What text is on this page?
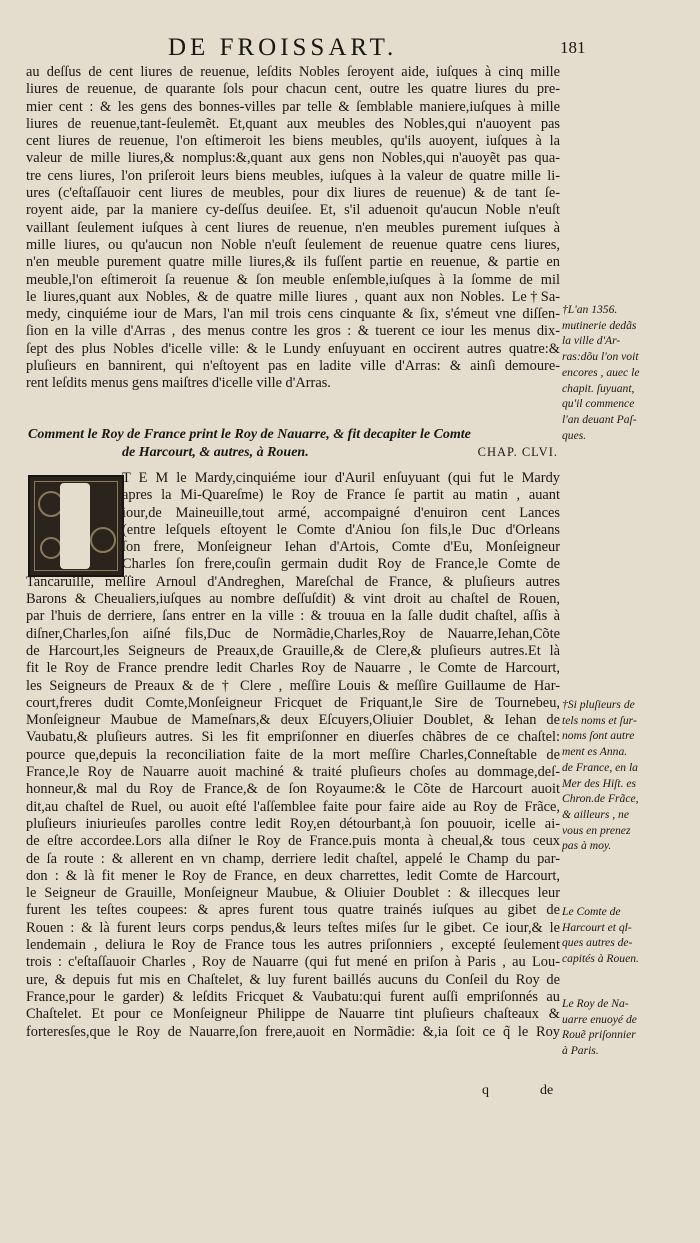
DE FROISSART.	181
au deſſus de cent liures de reuenue, leſdits Nobles ſeroyent aide, iuſques à cinq mille
liures de reuenue, de quarante ſols pour chacun cent, outre les quatre liures du pre-
mier cent : & les gens des bonnes-villes par telle & ſemblable maniere,iuſques à mille
liures de reuenue,tant-ſeulemẽt. Et,quant aux meubles des Nobles,qui n'auoyent pas
cent liures de reuenue, l'on eſtimeroit les biens meubles, qu'ils auoyent, iuſques à la
valeur de mille liures,& nomplus:&,quant aux gens non Nobles,qui n'auoyẽt pas qua-
tre cens liures, l'on priſeroit leurs biens meubles, iuſques à la valeur de quatre mille li-
ures (c'eſtaſſauoir cent liures de meubles, pour dix liures de reuenue) & de tant ſe-
royent aide, par la maniere cy-deſſus deuiſee. Et, s'il aduenoit qu'aucun Noble n'euſt
vaillant ſeulement iuſques à cent liures de reuenue, n'en meubles purement iuſques à
mille liures, ou qu'aucun non Noble n'euſt ſeulement de reuenue quatre cens liures,
n'en meuble purement quatre mille liures,& ils fuſſent partie en reuenue, & partie en
meuble,l'on eſtimeroit ſa reuenue & ſon meuble enſemble,iuſques à la ſomme de mil
le liures,quant aux Nobles, & de quatre mille liures , quant aux non Nobles. Le†Sa-
medy, cinquiéme iour de Mars, l'an mil trois cens cinquante & ſix, s'émeut vne diſſen-
ſion en la ville d'Arras , des menus contre les gros : & tuerent ce iour les menus dix-
ſept des plus Nobles d'icelle ville: & le Lundy enſuyuant en occirent autres quatre:&
pluſieurs en bannirent, qui n'eſtoyent pas en ladite ville d'Arras: & ainſi demoure-
rent leſdits menus gens maiſtres d'icelle ville d'Arras.
Comment le Roy de France print le Roy de Nauarre, & fit decapiter le Comte
de Harcourt, & autres, à Rouen.	CHAP. CLVI.
T E M le Mardy,cinquiéme iour d'Auril enſuyuant (qui fut le Mardy
apres la Mi-Quareſme) le Roy de France ſe partit au matin , auant
iour,de Maineuille,tout armé, accompaigné d'enuiron cent Lances
(entre leſquels eſtoyent le Comte d'Aniou ſon fils,le Duc d'Orleans
ſon frere, Monſeigneur Iehan d'Artois, Comte d'Eu, Monſeigneur
Charles ſon frere,couſin germain dudit Roy de France,le Comte de
Tancaruille, meſſire Arnoul d'Andreghen, Mareſchal de France, & pluſieurs autres
Barons & Cheualiers,iuſques au nombre deſſuſdit) & vint droit au chaſtel de Rouen,
par l'huis de derriere, ſans entrer en la ville : & trouua en la ſalle dudit chaſtel, aſſis à
diſner,Charles,ſon aiſné fils,Duc de Normãdie,Charles,Roy de Nauarre,Iehan,Cõte
de Harcourt,les Seigneurs de Preaux,de Grauille,& de Clere,& pluſieurs autres.Et là
fit le Roy de France prendre ledit Charles Roy de Nauarre , le Comte de Harcourt,
les Seigneurs de Preaux & de † Clere , meſſire Louis & meſſire Guillaume de Har-
court,freres dudit Comte,Monſeigneur Fricquet de Friquant,le Sire de Tournebeu,
Monſeigneur Maubue de Mameſnars,& deux Eſcuyers,Oliuier Doublet, & Iehan de
Vaubatu,& pluſieurs autres. Si les fit empriſonner en diuerſes chãbres de ce chaſtel:
pource que,depuis la reconciliation faite de la mort meſſire Charles,Conneſtable de
France,le Roy de Nauarre auoit machiné & traité pluſieurs choſes au dommage,deſ-
honneur,& mal du Roy de France,& de ſon Royaume:& le Cõte de Harcourt auoit
dit,au chaſtel de Ruel, ou auoit eſté l'aſſemblee faite pour faire aide au Roy de Frãce,
pluſieurs iniurieuſes parolles contre ledit Roy,en détourbant,à ſon pouuoir, icelle ai-
de eſtre accordee.Lors alla diſner le Roy de France.puis monta à cheual,& tous ceux
de ſa route : & allerent en vn champ, derriere ledit chaſtel, appelé le Champ du par-
don : & là fit mener le Roy de France, en deux charrettes, ledit Comte de Harcourt,
le Seigneur de Grauille, Monſeigneur Maubue, & Oliuier Doublet : & illecques leur
furent les teſtes coupees: & apres furent tous quatre trainés iuſques au gibet de
Rouen : & là furent leurs corps pendus,& leurs teſtes miſes ſur le gibet. Ce iour,& le
lendemain , deliura le Roy de France tous les autres priſonniers , excepté ſeulement
trois : c'eſtaſſauoir Charles , Roy de Nauarre (qui fut mené en priſon à Paris , au Lou-
ure, & depuis fut mis en Chaſtelet, & luy furent baillés aucuns du Conſeil du Roy de
France,pour le garder) & leſdits Fricquet & Vaubatu:qui furent auſſi empriſonnés au
Chaſtelet. Et pour ce Monſeigneur Philippe de Nauarre tint pluſieurs chaſteaux &
forteresſes,que le Roy de Nauarre,ſon frere,auoit en Normãdie: &,ia ſoit ce q̃ le Roy
q	de
†L'an 1356.
mutinerie dedãs
la ville d'Ar-
ras:dõu l'on voit
encores , auec le
chapit. ſuyuant,
qu'il commence
l'an deuant Paſ-
ques.
†Si pluſieurs de
tels noms et ſur-
noms ſont autre
ment es Anna.
de France, en la
Mer des Hiſt. es
Chron.de Frãce,
& ailleurs , ne
vous en prenez
pas à moy.
Le Comte de
Harcourt et ql-
ques autres de-
capités à Rouen.
Le Roy de Na-
uarre enuoyé de
Rouẽ priſonnier
à Paris.
